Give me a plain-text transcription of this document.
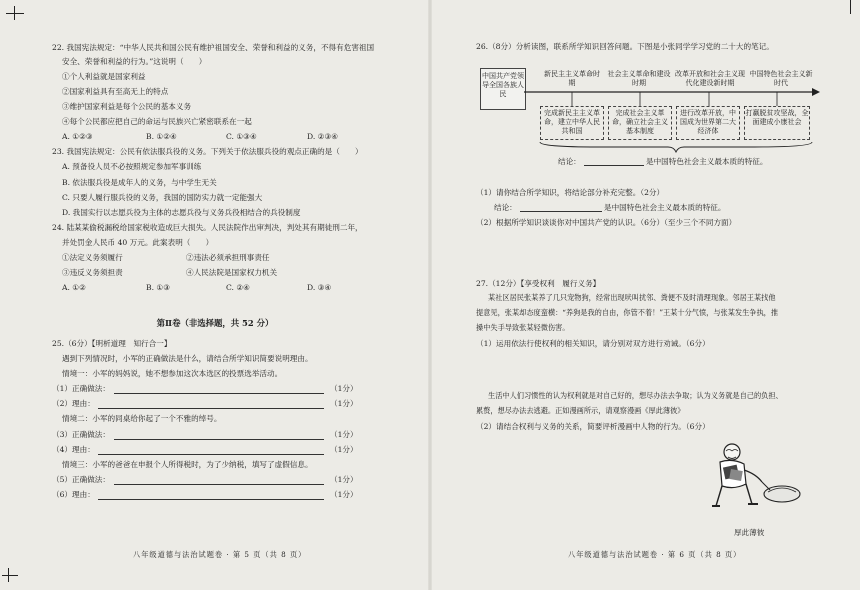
22. 我国宪法规定：“中华人民共和国公民有维护祖国安全、荣誉和利益的义务，不得有危害祖国
安全、荣誉和利益的行为。”这说明（　　）
①个人利益就是国家利益
②国家利益具有至高无上的特点
③维护国家利益是每个公民的基本义务
④每个公民都应把自己的命运与民族兴亡紧密联系在一起
A. ①②③	B. ①②④	C. ①③④	D. ②③④
23. 我国宪法规定：公民有依法服兵役的义务。下列关于依法服兵役的观点正确的是（　　）
A. 预备役人员不必按照规定参加军事训练
B. 依法服兵役是成年人的义务，与中学生无关
C. 只要人履行服兵役的义务，我国的国防实力就一定能强大
D. 我国实行以志愿兵役为主体的志愿兵役与义务兵役相结合的兵役制度
24. 陆某某偷税漏税给国家税收造成巨大损失。人民法院作出审判决，判处其有期徒刑二年，
并处罚金人民币 40 万元。此案表明（　　）
①法定义务须履行	②违法必须承担刑事责任
③违反义务须担责	④人民法院是国家权力机关
A. ①②	B. ①③	C. ②④	D. ③④
第Ⅱ卷（非选择题，共 52 分）
25.（6分）【明析道理　知行合一】
遇到下列情况时，小军的正确做法是什么，请结合所学知识简要说明理由。
情境一：小军的妈妈说，她不想参加这次本选区的投票选举活动。
（1）正确做法：	（1分）
（2）理由：	（1分）
情境二：小军的同桌给你起了一个不雅的绰号。
（3）正确做法：	（1分）
（4）理由：	（1分）
情境三：小军的爸爸在申报个人所得税时，为了少纳税，填写了虚假信息。
（5）正确做法：	（1分）
（6）理由：	（1分）
八年级道德与法治试题卷 · 第 5 页（共 8 页）
26.（8分）分析读图，联系所学知识回答问题。下图是小张同学学习党的二十大的笔记。
中国共产党领导全国各族人民
新民主主义革命时期
社会主义革命和建设时期
改革开放和社会主义现代化建设新时期
中国特色社会主义新时代
完成新民主主义革命，建立中华人民共和国
完成社会主义革命，确立社会主义基本制度
进行改革开放，中国成为世界第二大经济体
打赢脱贫攻坚战，全面建成小康社会
结论：	是中国特色社会主义最本质的特征。
（1）请你结合所学知识，将结论部分补充完整。（2分）
结论：	是中国特色社会主义最本质的特征。
（2）根据所学知识谈谈你对中国共产党的认识。（6分）（至少三个不同方面）
27.（12分）【享受权利　履行义务】
某社区居民张某养了几只宠物狗，经常出现吠叫扰邻、粪便不及时清理现象。邻居王某找他
提意见，张某却态度蛮横：“养狗是我的自由，你管不着！”王某十分气愤，与张某发生争执，推
搡中失手导致张某轻微伤害。
（1）运用依法行使权利的相关知识，请分别对双方进行劝诫。（6分）
生活中人们习惯性的认为权利就是对自己好的，想尽办法去争取；认为义务就是自己的负担、
累赘，想尽办法去逃避。正如漫画所示，请观察漫画《厚此薄彼》
（2）请结合权利与义务的关系，简要评析漫画中人物的行为。（6分）
厚此薄彼
八年级道德与法治试题卷 · 第 6 页（共 8 页）
